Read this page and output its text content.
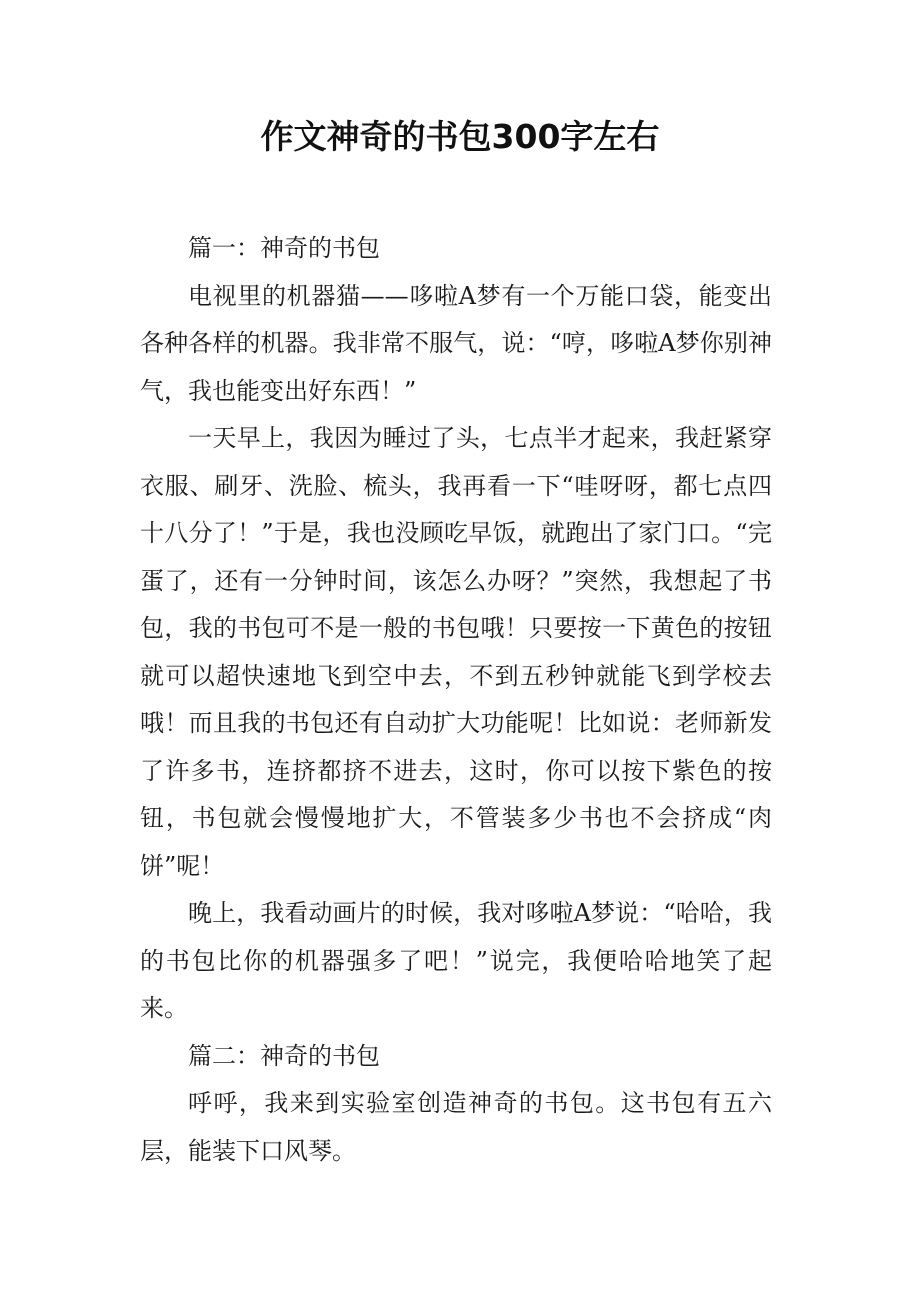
作文神奇的书包300字左右

篇一：神奇的书包

电视里的机器猫——哆啦A梦有一个万能口袋，能变出各种各样的机器。我非常不服气，说：“哼，哆啦A梦你别神气，我也能变出好东西！”

一天早上，我因为睡过了头，七点半才起来，我赶紧穿衣服、刷牙、洗脸、梳头，我再看一下“哇呀呀，都七点四十八分了！”于是，我也没顾吃早饭，就跑出了家门口。“完蛋了，还有一分钟时间，该怎么办呀？”突然，我想起了书包，我的书包可不是一般的书包哦！只要按一下黄色的按钮就可以超快速地飞到空中去，不到五秒钟就能飞到学校去哦！而且我的书包还有自动扩大功能呢！比如说：老师新发了许多书，连挤都挤不进去，这时，你可以按下紫色的按钮，书包就会慢慢地扩大，不管装多少书也不会挤成“肉饼”呢！

晚上，我看动画片的时候，我对哆啦A梦说：“哈哈，我的书包比你的机器强多了吧！”说完，我便哈哈地笑了起来。

篇二：神奇的书包

呼呼，我来到实验室创造神奇的书包。这书包有五六层，能装下口风琴。
